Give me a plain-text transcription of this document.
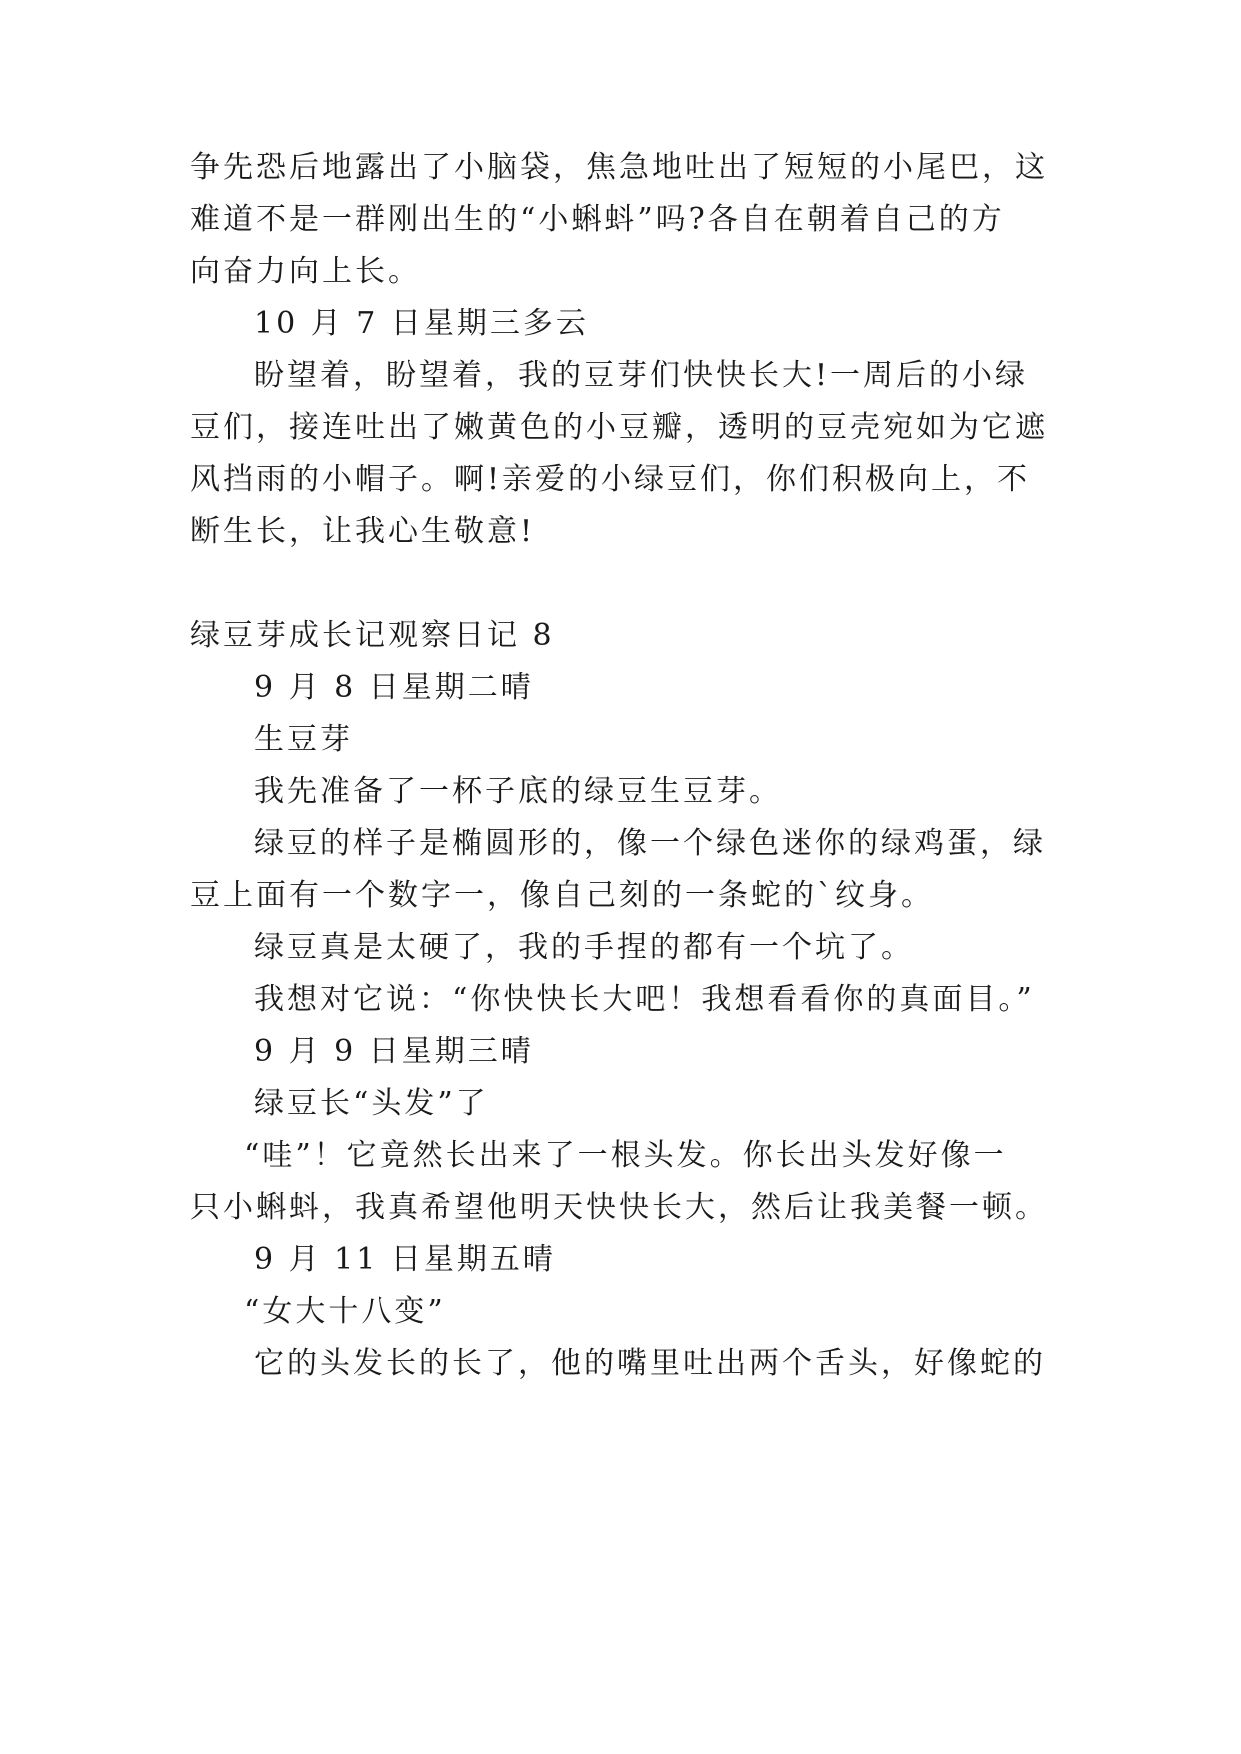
争先恐后地露出了小脑袋，焦急地吐出了短短的小尾巴，这
难道不是一群刚出生的“小蝌蚪”吗?各自在朝着自己的方
向奋力向上长。
10 月 7 日星期三多云
盼望着，盼望着，我的豆芽们快快长大!一周后的小绿
豆们，接连吐出了嫩黄色的小豆瓣，透明的豆壳宛如为它遮
风挡雨的小帽子。啊!亲爱的小绿豆们，你们积极向上，不
断生长，让我心生敬意!
绿豆芽成长记观察日记 8
9 月 8 日星期二晴
生豆芽
我先准备了一杯子底的绿豆生豆芽。
绿豆的样子是椭圆形的，像一个绿色迷你的绿鸡蛋，绿
豆上面有一个数字一，像自己刻的一条蛇的`纹身。
绿豆真是太硬了，我的手捏的都有一个坑了。
我想对它说：“你快快长大吧！我想看看你的真面目。”
9 月 9 日星期三晴
绿豆长“头发”了
“哇”！它竟然长出来了一根头发。你长出头发好像一
只小蝌蚪，我真希望他明天快快长大，然后让我美餐一顿。
9 月 11 日星期五晴
“女大十八变”
它的头发长的长了，他的嘴里吐出两个舌头，好像蛇的
